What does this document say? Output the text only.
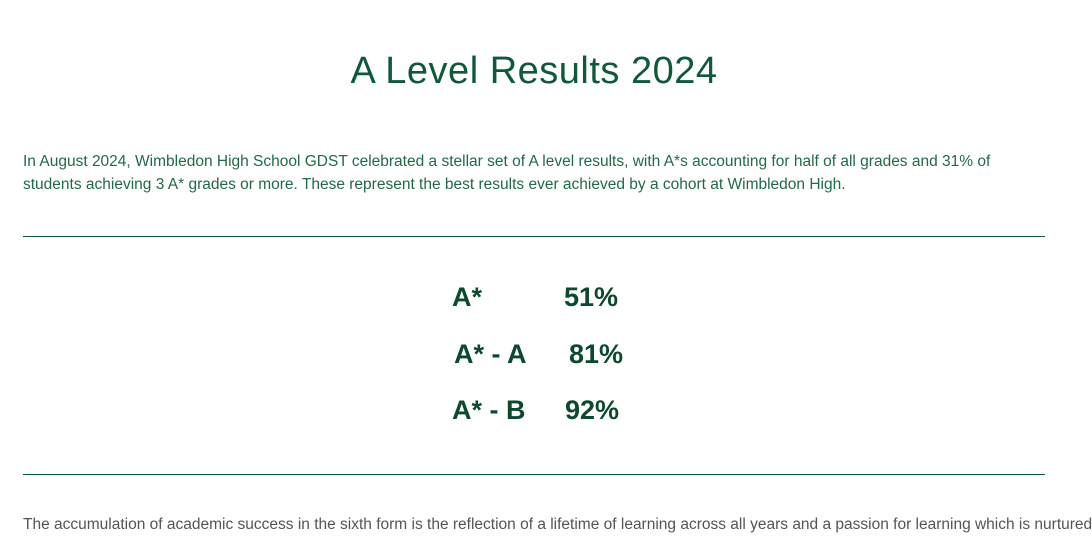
A Level Results 2024

In August 2024, Wimbledon High School GDST celebrated a stellar set of A level results, with A*s accounting for half of all grades and 31% of students achieving 3 A* grades or more. These represent the best results ever achieved by a cohort at Wimbledon High.

A*	51%
A* - A 81%
A* - B 92%

The accumulation of academic success in the sixth form is the reflection of a lifetime of learning across all years and a passion for learning which is nurtured
